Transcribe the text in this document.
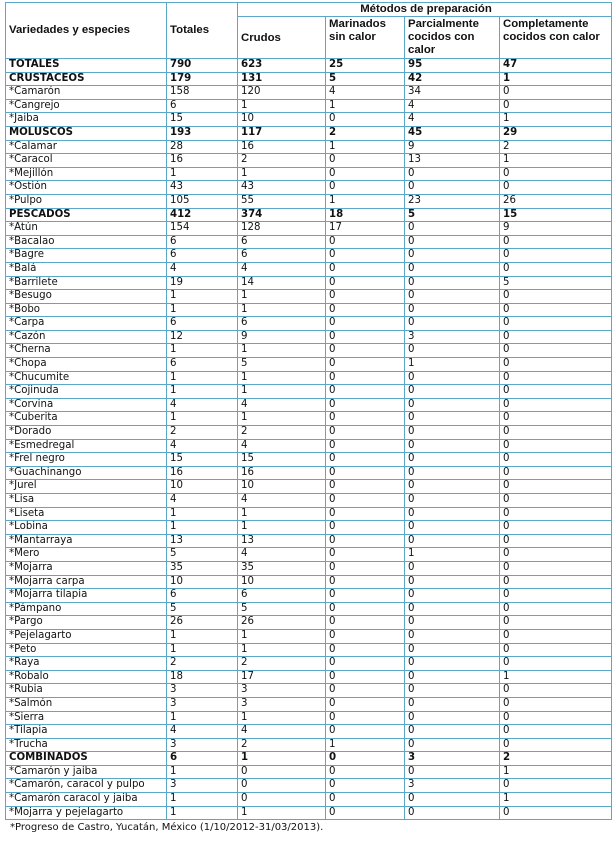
Variedades y especies	Totales	Métodos de preparación			
		Crudos	Marinados sin calor	Parcialmente cocidos con calor	Completamente cocidos con calor
TOTALES	790	623	25	95	47
CRUSTÁCEOS	179	131	5	42	1
*Camarón	158	120	4	34	0
*Cangrejo	6	1	1	4	0
*Jaiba	15	10	0	4	1
MOLUSCOS	193	117	2	45	29
*Calamar	28	16	1	9	2
*Caracol	16	2	0	13	1
*Mejillón	1	1	0	0	0
*Ostión	43	43	0	0	0
*Pulpo	105	55	1	23	26
PESCADOS	412	374	18	5	15
*Atún	154	128	17	0	9
*Bacalao	6	6	0	0	0
*Bagre	6	6	0	0	0
*Balá	4	4	0	0	0
*Barrilete	19	14	0	0	5
*Besugo	1	1	0	0	0
*Bobo	1	1	0	0	0
*Carpa	6	6	0	0	0
*Cazón	12	9	0	3	0
*Cherna	1	1	0	0	0
*Chopa	6	5	0	1	0
*Chucumite	1	1	0	0	0
*Cojinuda	1	1	0	0	0
*Corvina	4	4	0	0	0
*Cuberita	1	1	0	0	0
*Dorado	2	2	0	0	0
*Esmedregal	4	4	0	0	0
*Frel negro	15	15	0	0	0
*Guachinango	16	16	0	0	0
*Jurel	10	10	0	0	0
*Lisa	4	4	0	0	0
*Liseta	1	1	0	0	0
*Lobina	1	1	0	0	0
*Mantarraya	13	13	0	0	0
*Mero	5	4	0	1	0
*Mojarra	35	35	0	0	0
*Mojarra carpa	10	10	0	0	0
*Mojarra tilapia	6	6	0	0	0
*Pámpano	5	5	0	0	0
*Pargo	26	26	0	0	0
*Pejelagarto	1	1	0	0	0
*Peto	1	1	0	0	0
*Raya	2	2	0	0	0
*Robalo	18	17	0	0	1
*Rubia	3	3	0	0	0
*Salmón	3	3	0	0	0
*Sierra	1	1	0	0	0
*Tilapia	4	4	0	0	0
*Trucha	3	2	1	0	0
COMBINADOS	6	1	0	3	2
*Camarón y jaiba	1	0	0	0	1
*Camarón, caracol y pulpo	3	0	0	3	0
*Camarón caracol y jaiba	1	0	0	0	1
*Mojarra y pejelagarto	1	1	0	0	0
*Progreso de Castro, Yucatán, México (1/10/2012-31/03/2013).
